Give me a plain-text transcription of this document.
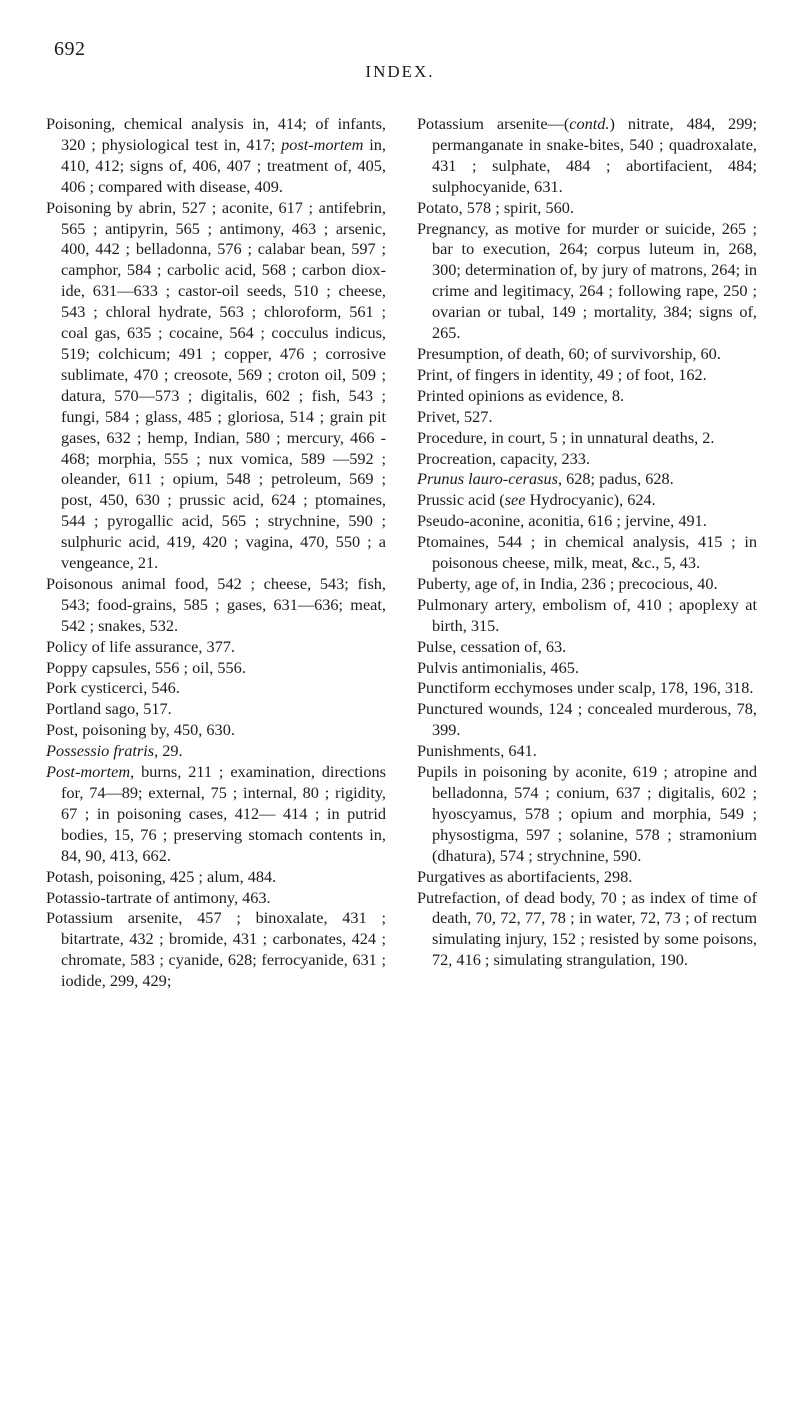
692
INDEX.

Poisoning, chemical analysis in, 414; of infants, 320 ; physiological test in, 417; post-mortem in, 410, 412; signs of, 406, 407 ; treatment of, 405, 406 ; compared with disease, 409.

Poisoning by abrin, 527 ; aconite, 617 ; antifebrin, 565 ; antipyrin, 565 ; antimony, 463 ; arsenic, 400, 442 ; belladonna, 576 ; calabar bean, 597 ; camphor, 584 ; carbolic acid, 568 ; carbon dioxide, 631—633 ; castor-oil seeds, 510 ; cheese, 543 ; chloral hydrate, 563 ; chloroform, 561 ; coal gas, 635 ; cocaine, 564 ; cocculus indicus, 519; colchicum; 491 ; copper, 476 ; corrosive sublimate, 470 ; creosote, 569 ; croton oil, 509 ; datura, 570—573 ; digitalis, 602 ; fish, 543 ; fungi, 584 ; glass, 485 ; gloriosa, 514 ; grain pit gases, 632 ; hemp, Indian, 580 ; mercury, 466 - 468; morphia, 555 ; nux vomica, 589 —592 ; oleander, 611 ; opium, 548 ; petroleum, 569 ; post, 450, 630 ; prussic acid, 624 ; ptomaines, 544 ; pyrogallic acid, 565 ; strychnine, 590 ; sulphuric acid, 419, 420 ; vagina, 470, 550 ; a vengeance, 21.

Poisonous animal food, 542 ; cheese, 543; fish, 543; food-grains, 585 ; gases, 631—636; meat, 542 ; snakes, 532.

Policy of life assurance, 377.

Poppy capsules, 556 ; oil, 556.

Pork cysticerci, 546.

Portland sago, 517.

Post, poisoning by, 450, 630.

Possessio fratris, 29.

Post-mortem, burns, 211 ; examination, directions for, 74—89; external, 75 ; internal, 80 ; rigidity, 67 ; in poisoning cases, 412— 414 ; in putrid bodies, 15, 76 ; preserving stomach contents in, 84, 90, 413, 662.

Potash, poisoning, 425 ; alum, 484.

Potassio-tartrate of antimony, 463.

Potassium arsenite, 457 ; binoxalate, 431 ; bitartrate, 432 ; bromide, 431 ; carbonates, 424 ; chromate, 583 ; cyanide, 628; ferrocyanide, 631 ; iodide, 299, 429;

Potassium arsenite—(contd.) nitrate, 484, 299; permanganate in snake-bites, 540 ; quadroxalate, 431 ; sulphate, 484 ; abortifacient, 484; sulphocyanide, 631.

Potato, 578 ; spirit, 560.

Pregnancy, as motive for murder or suicide, 265 ; bar to execution, 264; corpus luteum in, 268, 300; determination of, by jury of matrons, 264; in crime and legitimacy, 264 ; following rape, 250 ; ovarian or tubal, 149 ; mortality, 384; signs of, 265.

Presumption, of death, 60; of survivorship, 60.

Print, of fingers in identity, 49 ; of foot, 162.

Printed opinions as evidence, 8.

Privet, 527.

Procedure, in court, 5 ; in unnatural deaths, 2.

Procreation, capacity, 233.

Prunus lauro-cerasus, 628; padus, 628.

Prussic acid (see Hydrocyanic), 624.

Pseudo-aconine, aconitia, 616 ; jervine, 491.

Ptomaines, 544 ; in chemical analysis, 415 ; in poisonous cheese, milk, meat, &c., 5, 43.

Puberty, age of, in India, 236 ; precocious, 40.

Pulmonary artery, embolism of, 410 ; apoplexy at birth, 315.

Pulse, cessation of, 63.

Pulvis antimonialis, 465.

Punctiform ecchymoses under scalp, 178, 196, 318.

Punctured wounds, 124 ; concealed murderous, 78, 399.

Punishments, 641.

Pupils in poisoning by aconite, 619 ; atropine and belladonna, 574 ; conium, 637 ; digitalis, 602 ; hyoscyamus, 578 ; opium and morphia, 549 ; physostigma, 597 ; solanine, 578 ; stramonium (dhatura), 574 ; strychnine, 590.

Purgatives as abortifacients, 298.

Putrefaction, of dead body, 70 ; as index of time of death, 70, 72, 77, 78 ; in water, 72, 73 ; of rectum simulating injury, 152 ; resisted by some poisons, 72, 416 ; simulating strangulation, 190.
